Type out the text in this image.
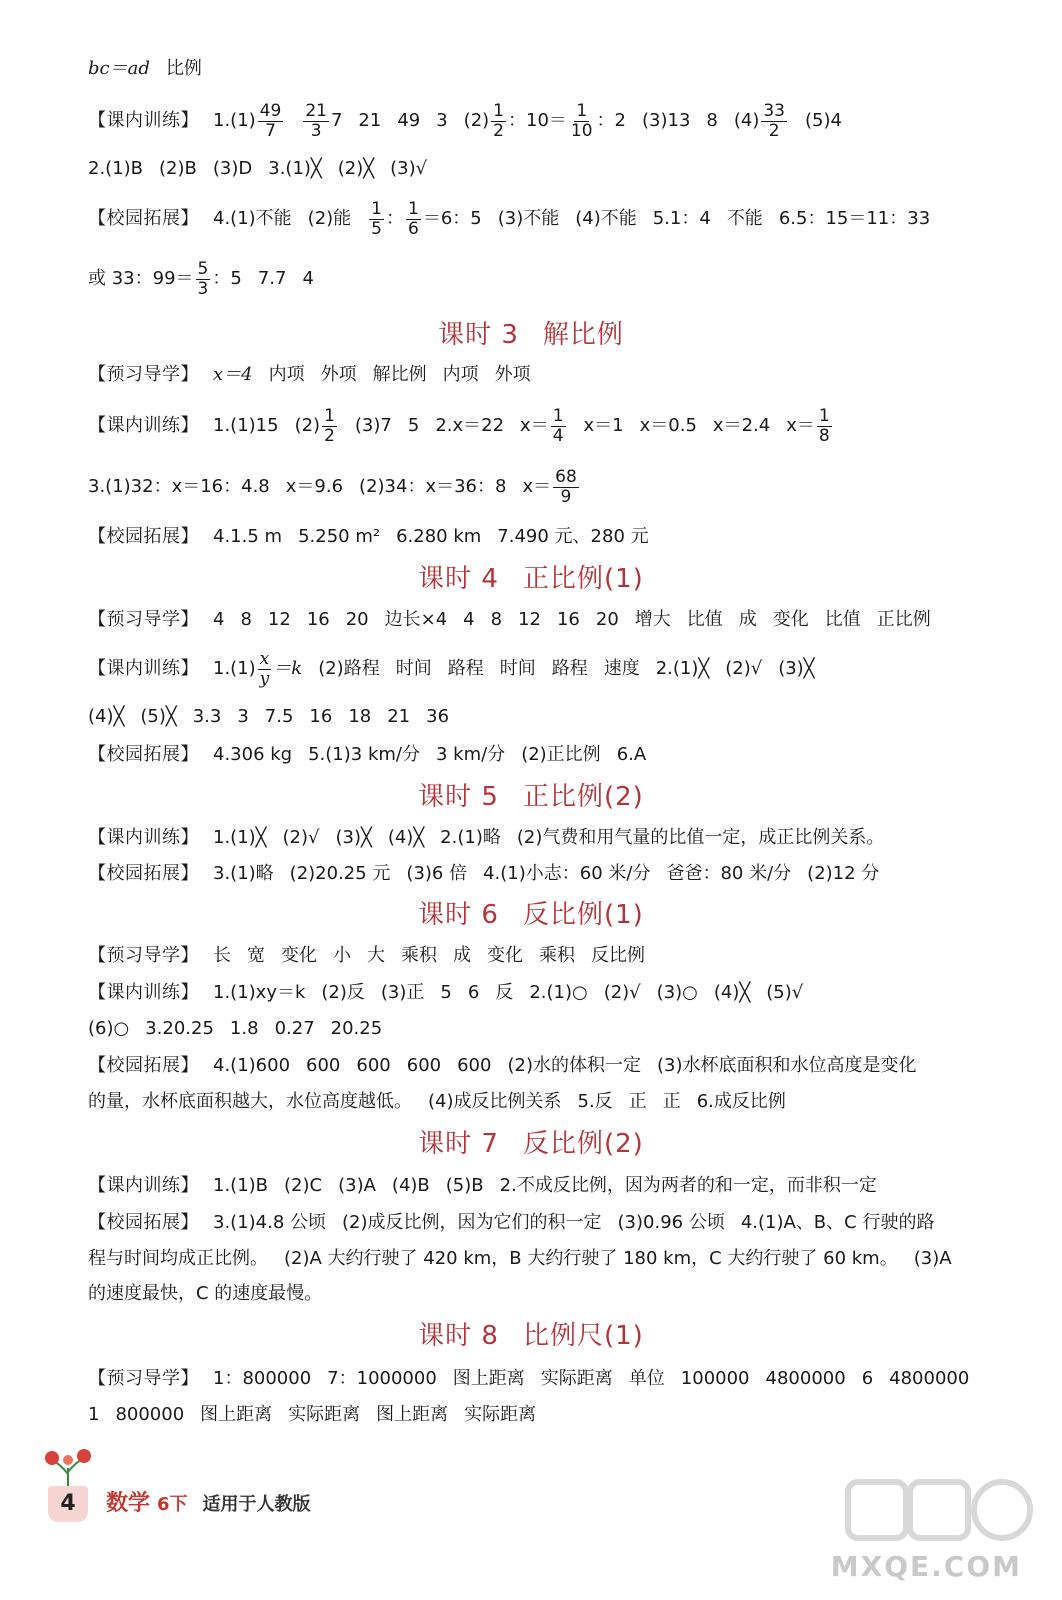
bc＝ad 比例
【课内训练】 $1.(1) \frac{49}{7} \frac{21}{3} 7$ 21 49 3 $(2) \frac{1}{2}$ ：$10= \frac{1}{10}$ ：2 (3)13 8 $(4) \frac{33}{2} (5)4$
2.(1)B (2)B (3)D 3.(1)╳ (2)╳ (3)√
【校园拓展】 4.(1)不能 (2)能 $\frac{1}{5}$ ： $\frac{1}{6} =6$：5 (3)不能 (4)不能 5.1：4 不能 6.5：15＝11：33
或 33：$99= \frac{5}{3}$ ：5 7.7 4
课时 3 解比例
【预习导学】 x＝4 内项 外项 解比例 内项 外项
【课内训练】 1.(1)15 $(2) \frac{1}{2} (3)7$ 5 2.x＝22 $x= \frac{1}{4} x=1$ x＝0.5 x＝2.4 $x= \frac{1}{8}$
3.(1)32：x＝16：4.8 x＝9.6 (2)34：x＝36：8 $x= \frac{68}{9}$
【校园拓展】 4.1.5 m 5.250 m² 6.280 km 7.490 元、280 元
课时 4 正比例(1)
【预习导学】 4 8 12 16 20 边长×4 4 8 12 16 20 增大 比值 成 变化 比值 正比例
【课内训练】 $1.(1) \frac{x}{y} =k$ (2)路程 时间 路程 时间 路程 速度 2.(1)╳ (2)√ (3)╳
(4)╳ (5)╳ 3.3 3 7.5 16 18 21 36
【校园拓展】 4.306 kg 5.(1)3 km/分 3 km/分 (2)正比例 6.A
课时 5 正比例(2)
【课内训练】 1.(1)╳ (2)√ (3)╳ (4)╳ 2.(1)略 (2)气费和用气量的比值一定，成正比例关系。
【校园拓展】 3.(1)略 (2)20.25 元 (3)6 倍 4.(1)小志：60 米/分 爸爸：80 米/分 (2)12 分
课时 6 反比例(1)
【预习导学】 长 宽 变化 小 大 乘积 成 变化 乘积 反比例
【课内训练】 1.(1)xy＝k (2)反 (3)正 5 6 反 2.(1)○ (2)√ (3)○ (4)╳ (5)√
(6)○ 3.20.25 1.8 0.27 20.25
【校园拓展】 4.(1)600 600 600 600 600 (2)水的体积一定 (3)水杯底面积和水位高度是变化
的量，水杯底面积越大，水位高度越低。 (4)成反比例关系 5.反 正 正 6.成反比例
课时 7 反比例(2)
【课内训练】 1.(1)B (2)C (3)A (4)B (5)B 2.不成反比例，因为两者的和一定，而非积一定
【校园拓展】 3.(1)4.8 公顷 (2)成反比例，因为它们的积一定 (3)0.96 公顷 4.(1)A、B、C 行驶的路
程与时间均成正比例。 (2)A 大约行驶了 420 km，B 大约行驶了 180 km，C 大约行驶了 60 km。 (3)A
的速度最快，C 的速度最慢。
课时 8 比例尺(1)
【预习导学】 1：800000 7：1000000 图上距离 实际距离 单位 100000 4800000 6 4800000
1 800000 图上距离 实际距离 图上距离 实际距离
4	数学 6下 适用于人教版
MXQE.COM
